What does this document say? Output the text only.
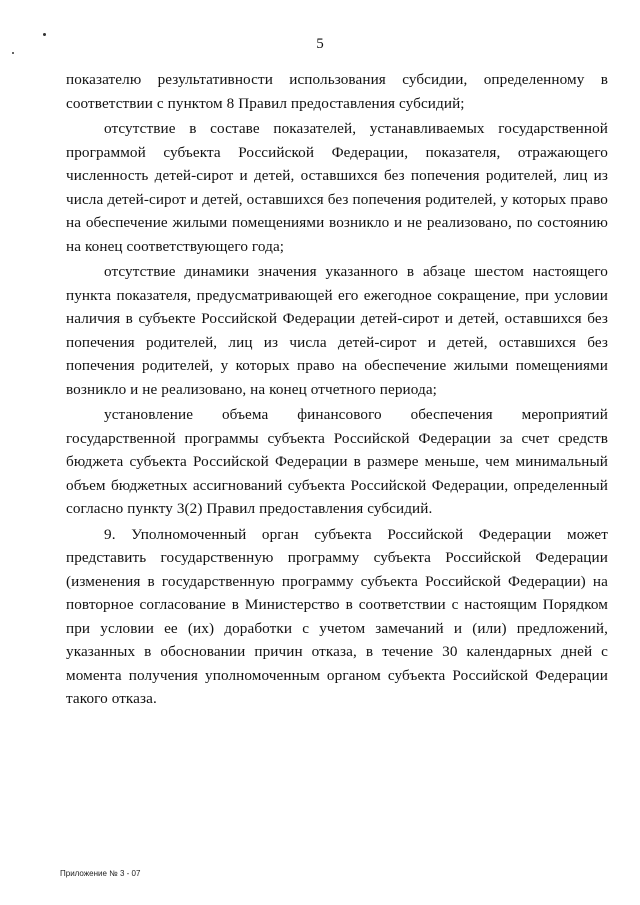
5

показателю результативности использования субсидии, определенному в соответствии с пунктом 8 Правил предоставления субсидий;

отсутствие в составе показателей, устанавливаемых государственной программой субъекта Российской Федерации, показателя, отражающего численность детей-сирот и детей, оставшихся без попечения родителей, лиц из числа детей-сирот и детей, оставшихся без попечения родителей, у которых право на обеспечение жилыми помещениями возникло и не реализовано, по состоянию на конец соответствующего года;

отсутствие динамики значения указанного в абзаце шестом настоящего пункта показателя, предусматривающей его ежегодное сокращение, при условии наличия в субъекте Российской Федерации детей-сирот и детей, оставшихся без попечения родителей, лиц из числа детей-сирот и детей, оставшихся без попечения родителей, у которых право на обеспечение жилыми помещениями возникло и не реализовано, на конец отчетного периода;

установление объема финансового обеспечения мероприятий государственной программы субъекта Российской Федерации за счет средств бюджета субъекта Российской Федерации в размере меньше, чем минимальный объем бюджетных ассигнований субъекта Российской Федерации, определенный согласно пункту 3(2) Правил предоставления субсидий.

9. Уполномоченный орган субъекта Российской Федерации может представить государственную программу субъекта Российской Федерации (изменения в государственную программу субъекта Российской Федерации) на повторное согласование в Министерство в соответствии с настоящим Порядком при условии ее (их) доработки с учетом замечаний и (или) предложений, указанных в обосновании причин отказа, в течение 30 календарных дней с момента получения уполномоченным органом субъекта Российской Федерации такого отказа.

Приложение № 3 - 07
